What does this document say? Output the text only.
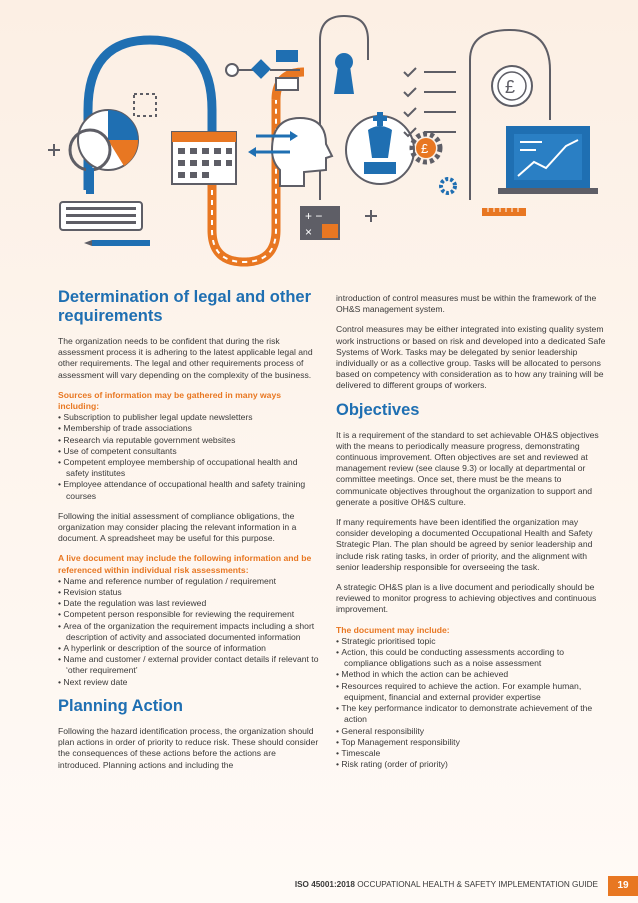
+ −
×
£
£
Determination of legal and other requirements

The organization needs to be confident that during the risk assessment process it is adhering to the latest applicable legal and other requirements. The legal and other requirements process of assessment will vary depending on the complexity of the business.

Sources of information may be gathered in many ways including:
• Subscription to publisher legal update newsletters
• Membership of trade associations
• Research via reputable government websites
• Use of competent consultants
• Competent employee membership of occupational health and safety institutes
• Employee attendance of occupational health and safety training courses

Following the initial assessment of compliance obligations, the organization may consider placing the relevant information in a document. A spreadsheet may be useful for this purpose.

A live document may include the following information and be referenced within individual risk assessments:
• Name and reference number of regulation / requirement
• Revision status
• Date the regulation was last reviewed
• Competent person responsible for reviewing the requirement
• Area of the organization the requirement impacts including a short description of activity and associated documented information
• A hyperlink or description of the source of information
• Name and customer / external provider contact details if relevant to ‘other requirement’
• Next review date
Planning Action

Following the hazard identification process, the organization should plan actions in order of priority to reduce risk. These should consider the consequences of these actions before the actions are introduced. Planning actions and including the

introduction of control measures must be within the framework of the OH&S management system.

Control measures may be either integrated into existing quality system work instructions or based on risk and developed into a dedicated Safe Systems of Work. Tasks may be delegated by senior leadership individually or as a collective group. Tasks will be allocated to persons based on competency with consideration as to how any training will be delivered to different groups of workers.

Objectives

It is a requirement of the standard to set achievable OH&S objectives with the means to periodically measure progress, demonstrating continuous improvement. Often objectives are set and reviewed at management review (see clause 9.3) or locally at departmental or committee meetings. Once set, there must be the means to communicate objectives throughout the organization to support and generate a positive OH&S culture.

If many requirements have been identified the organization may consider developing a documented Occupational Health and Safety Strategic Plan. The plan should be agreed by senior leadership and include risk rating tasks, in order of priority, and the alignment with senior leadership responsible for overseeing the task.

A strategic OH&S plan is a live document and periodically should be reviewed to monitor progress to achieving objectives and continuous improvement.

The document may include:
• Strategic prioritised topic
• Action, this could be conducting assessments according to compliance obligations such as a noise assessment
• Method in which the action can be achieved
• Resources required to achieve the action. For example human, equipment, financial and external provider expertise
• The key performance indicator to demonstrate achievement of the action
• General responsibility
• Top Management responsibility
• Timescale
• Risk rating (order of priority)
ISO 45001:2018 OCCUPATIONAL HEALTH & SAFETY IMPLEMENTATION GUIDE	19
